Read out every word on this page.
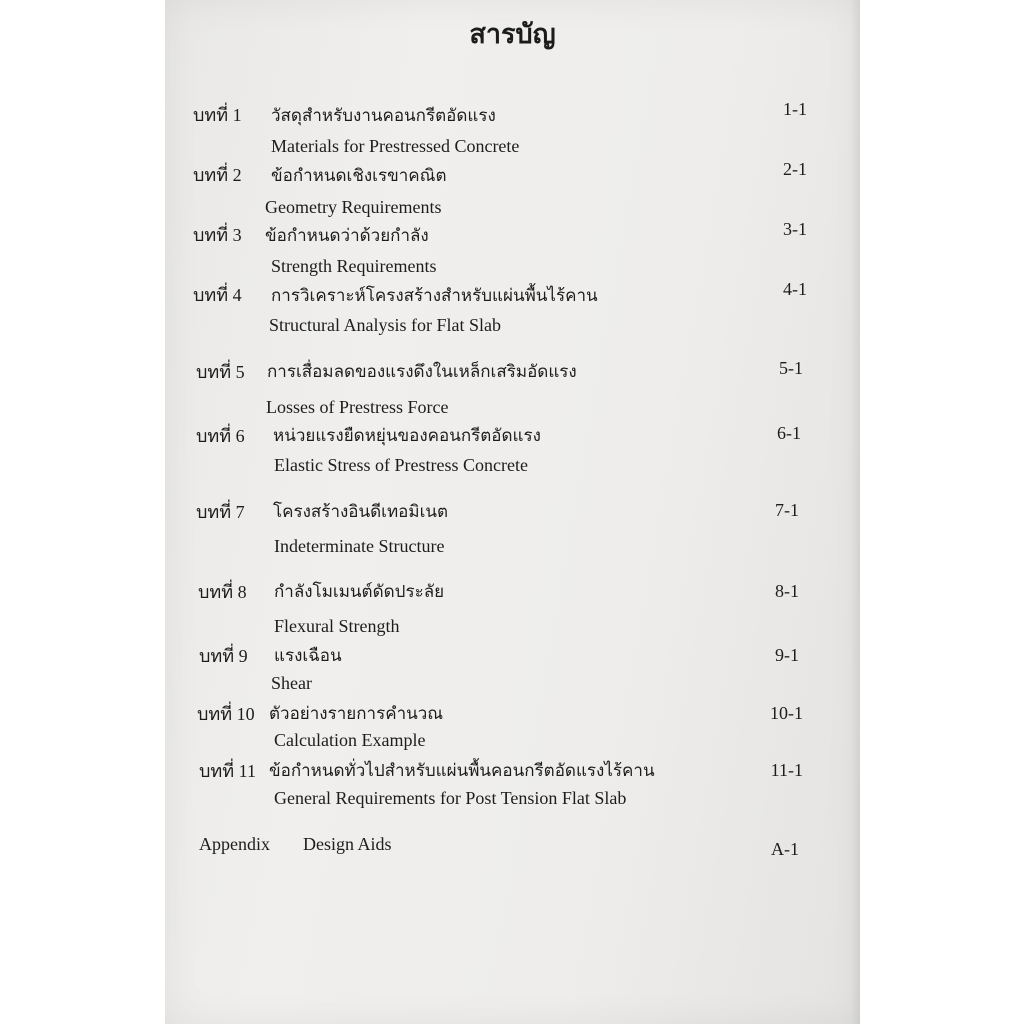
สารบัญ
บทที่ 1 วัสดุสำหรับงานคอนกรีตอัดแรง	1-1
Materials for Prestressed Concrete
บทที่ 2 ข้อกำหนดเชิงเรขาคณิต	2-1
Geometry Requirements
บทที่ 3 ข้อกำหนดว่าด้วยกำลัง	3-1
Strength Requirements
บทที่ 4 การวิเคราะห์โครงสร้างสำหรับแผ่นพื้นไร้คาน	4-1
Structural Analysis for Flat Slab
บทที่ 5 การเสื่อมลดของแรงดึงในเหล็กเสริมอัดแรง	5-1
Losses of Prestress Force
บทที่ 6 หน่วยแรงยืดหยุ่นของคอนกรีตอัดแรง	6-1
Elastic Stress of Prestress Concrete
บทที่ 7 โครงสร้างอินดีเทอมิเนต	7-1
Indeterminate Structure
บทที่ 8 กำลังโมเมนต์ดัดประลัย	8-1
Flexural Strength
บทที่ 9 แรงเฉือน	9-1
Shear
บทที่ 10 ตัวอย่างรายการคำนวณ	10-1
Calculation Example
บทที่ 11 ข้อกำหนดทั่วไปสำหรับแผ่นพื้นคอนกรีตอัดแรงไร้คาน	11-1
General Requirements for Post Tension Flat Slab
Appendix Design Aids	A-1
